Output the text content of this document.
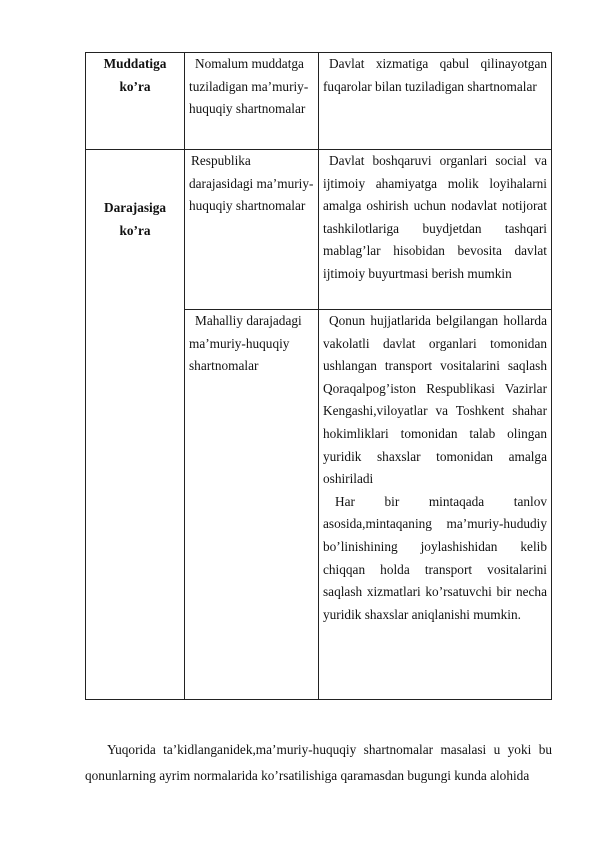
Muddatiga
ko’ra	Nomalum muddatga tuziladigan ma’muriy-huquqiy shartnomalar	Davlat xizmatiga qabul qilinayotgan fuqarolar bilan tuziladigan shartnomalar

Darajasiga
ko’ra	Respublika darajasidagi ma’muriy-huquqiy shartnomalar	Davlat boshqaruvi organlari social va ijtimoiy ahamiyatga molik loyihalarni amalga oshirish uchun nodavlat notijorat tashkilotlariga buydjetdan tashqari mablag’lar hisobidan bevosita davlat ijtimoiy buyurtmasi berish mumkin

	Mahalliy darajadagi ma’muriy-huquqiy shartnomalar	Qonun hujjatlarida belgilangan hollarda vakolatli davlat organlari tomonidan ushlangan transport vositalarini saqlash Qoraqalpog’iston Respublikasi Vazirlar Kengashi,viloyatlar va Toshkent shahar hokimliklari tomonidan talab olingan yuridik shaxslar tomonidan amalga oshiriladi

Har bir mintaqada tanlov asosida,mintaqaning ma’muriy-hududiy bo’linishining joylashishidan kelib chiqqan holda transport vositalarini saqlash xizmatlari ko’rsatuvchi bir necha yuridik shaxslar aniqlanishi mumkin.

Yuqorida ta’kidlanganidek,ma’muriy-huquqiy shartnomalar masalasi u yoki bu qonunlarning ayrim normalarida ko’rsatilishiga qaramasdan bugungi kunda alohida
